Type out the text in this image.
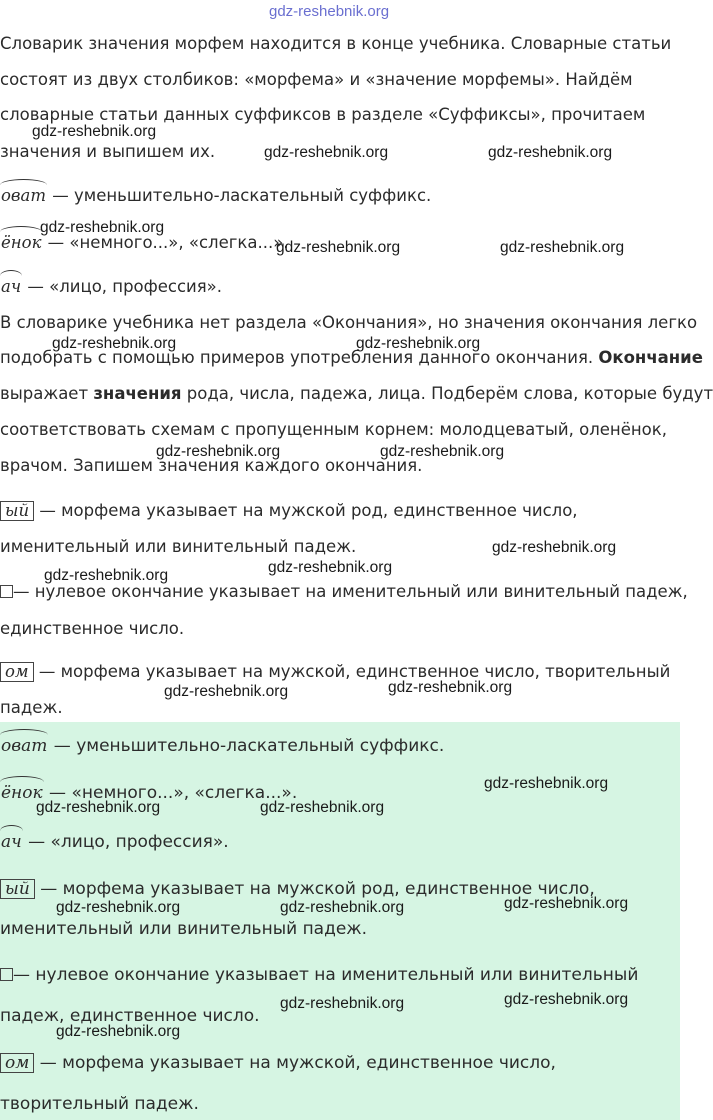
gdz-reshebnik.org
Словарик значения морфем находится в конце учебника. Словарные статьи
состоят из двух столбиков: «морфема» и «значение морфемы». Найдём
словарные статьи данных суффиксов в разделе «Суффиксы», прочитаем
значения и выпишем их.
оват — уменьшительно-ласкательный суффикс.
ёнок — «немного...», «слегка...».
ач — «лицо, профессия».
В словарике учебника нет раздела «Окончания», но значения окончания легко
подобрать с помощью примеров употребления данного окончания. Окончание
выражает значения рода, числа, падежа, лица. Подберём слова, которые будут
соответствовать схемам с пропущенным корнем: молодцеватый, оленёнок,
врачом. Запишем значения каждого окончания.
ый — морфема указывает на мужской род, единственное число,
именительный или винительный падеж.
— нулевое окончание указывает на именительный или винительный падеж,
единственное число.
ом — морфема указывает на мужской, единственное число, творительный
падеж.
оват — уменьшительно-ласкательный суффикс.
ёнок — «немного...», «слегка...».
ач — «лицо, профессия».
ый — морфема указывает на мужской род, единственное число,
именительный или винительный падеж.
— нулевое окончание указывает на именительный или винительный
падеж, единственное число.
ом — морфема указывает на мужской, единственное число,
творительный падеж.
gdz-reshebnik.org
gdz-reshebnik.org	gdz-reshebnik.org
gdz-reshebnik.org
gdz-reshebnik.org	gdz-reshebnik.org
gdz-reshebnik.org	gdz-reshebnik.org
gdz-reshebnik.org	gdz-reshebnik.org
gdz-reshebnik.org
gdz-reshebnik.org
gdz-reshebnik.org
gdz-reshebnik.org
gdz-reshebnik.org
gdz-reshebnik.org
gdz-reshebnik.org	gdz-reshebnik.org
gdz-reshebnik.org
gdz-reshebnik.org	gdz-reshebnik.org
gdz-reshebnik.org
gdz-reshebnik.org
gdz-reshebnik.org
